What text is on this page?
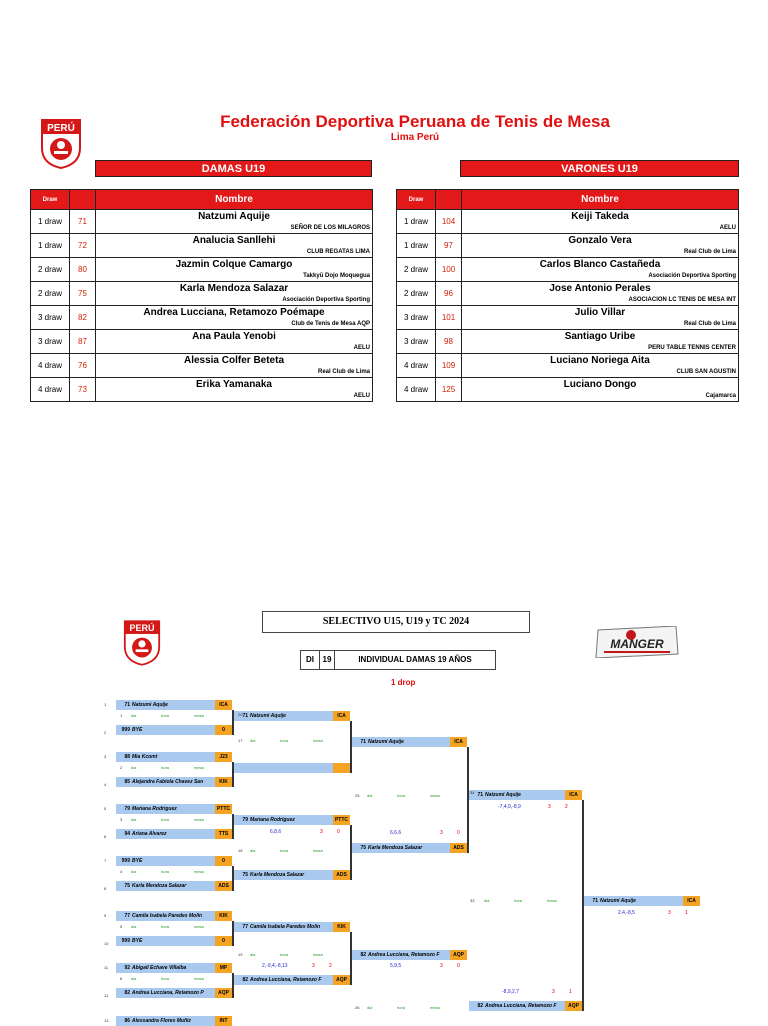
PERÚ	Federación Deportiva Peruana de Tenis de Mesa
Lima Perú
DAMAS U19	VARONES U19
Draw		Nombre
1 draw	71	Natzumi Aquije
SEÑOR DE LOS MILAGROS

1 draw	72	Analucia Sanllehi
CLUB REGATAS LIMA

2 draw	80	Jazmin Colque Camargo
Takkyū Dojo Moquegua

2 draw	75	Karla Mendoza Salazar
Asociación Deportiva Sporting

3 draw	82	Andrea Lucciana, Retamozo Poémape
Club de Tenis de Mesa AQP

3 draw	87	Ana Paula Yenobi
AELU

4 draw	76	Alessia Colfer Beteta
Real Club de Lima

4 draw	73	Erika Yamanaka
AELU
Draw		Nombre
1 draw	104	Keiji Takeda
AELU

1 draw	97	Gonzalo Vera
Real Club de Lima

2 draw	100	Carlos Blanco Castañeda
Asociación Deportiva Sporting

2 draw	96	Jose Antonio Perales
ASOCIACION LC TENIS DE MESA INT

3 draw	101	Julio Villar
Real Club de Lima

3 draw	98	Santiago Uribe
PERU TABLE TENNIS CENTER

4 draw	109	Luciano Noriega Aita
CLUB SAN AGUSTIN

4 draw	125	Luciano Dongo
Cajamarca
PERÚ
SELECTIVO U15, U19 y TC 2024
MANGER
DI	19	INDIVIDUAL DAMAS 19 AÑOS
1 drop
1	71 Natzumi Aquije	ICA
2	999 BYE	0
3	88 Mia Kcomt	J23
4	85 Alejandra Fabiola Chavez San	KIK
5	79 Mariana Rodriguez	PTTC
6	94 Ariana Alvarez	TTS
7	999 BYE	0
8	75 Karla Mendoza Salazar	ADS
9	77 Camila Isabela Paredes Molin	KIK
10	999 BYE	0
11	92 Abigail Echave Villalba	MP
12	82 Andrea Lucciana, Retamozo P	AQP
13	86 Alessandra Flores Muñiz	INT
dia	hora	mesa
dia	hora	mesa
dia	hora	mesa
dia	hora	mesa
dia	hora	mesa
dia	hora	mesa
71 Natzumi Aquije	ICA
79 Mariana Rodriguez	PTTC
75 Karla Mendoza Salazar	ADS
77 Camila Isabela Paredes Molin	KIK
82 Andrea Lucciana, Retamozo F	AQP
6,8,6	3	0
2,-9,4,-8,13	3	2
dia	hora	mesa
dia	hora	mesa
dia	hora	mesa
71 Natzumi Aquije	ICA
75 Karla Mendoza Salazar	ADS
82 Andrea Lucciana, Retamozo F	AQP
6,6,6	3	0
5,9,5	3	0
dia	hora	mesa
dia	hora	mesa
71 Natzumi Aquije	ICA
82 Andrea Lucciana, Retamozo F	AQP
-7,4,9,-8,9	3	2
-8,9,2,7	3	1
dia	hora	mesa	71 Natzumi Aquije	ICA
2,4,-8,5	3	1
1
2
3
4
5
6
17
18
19
20
25
26
33
34
